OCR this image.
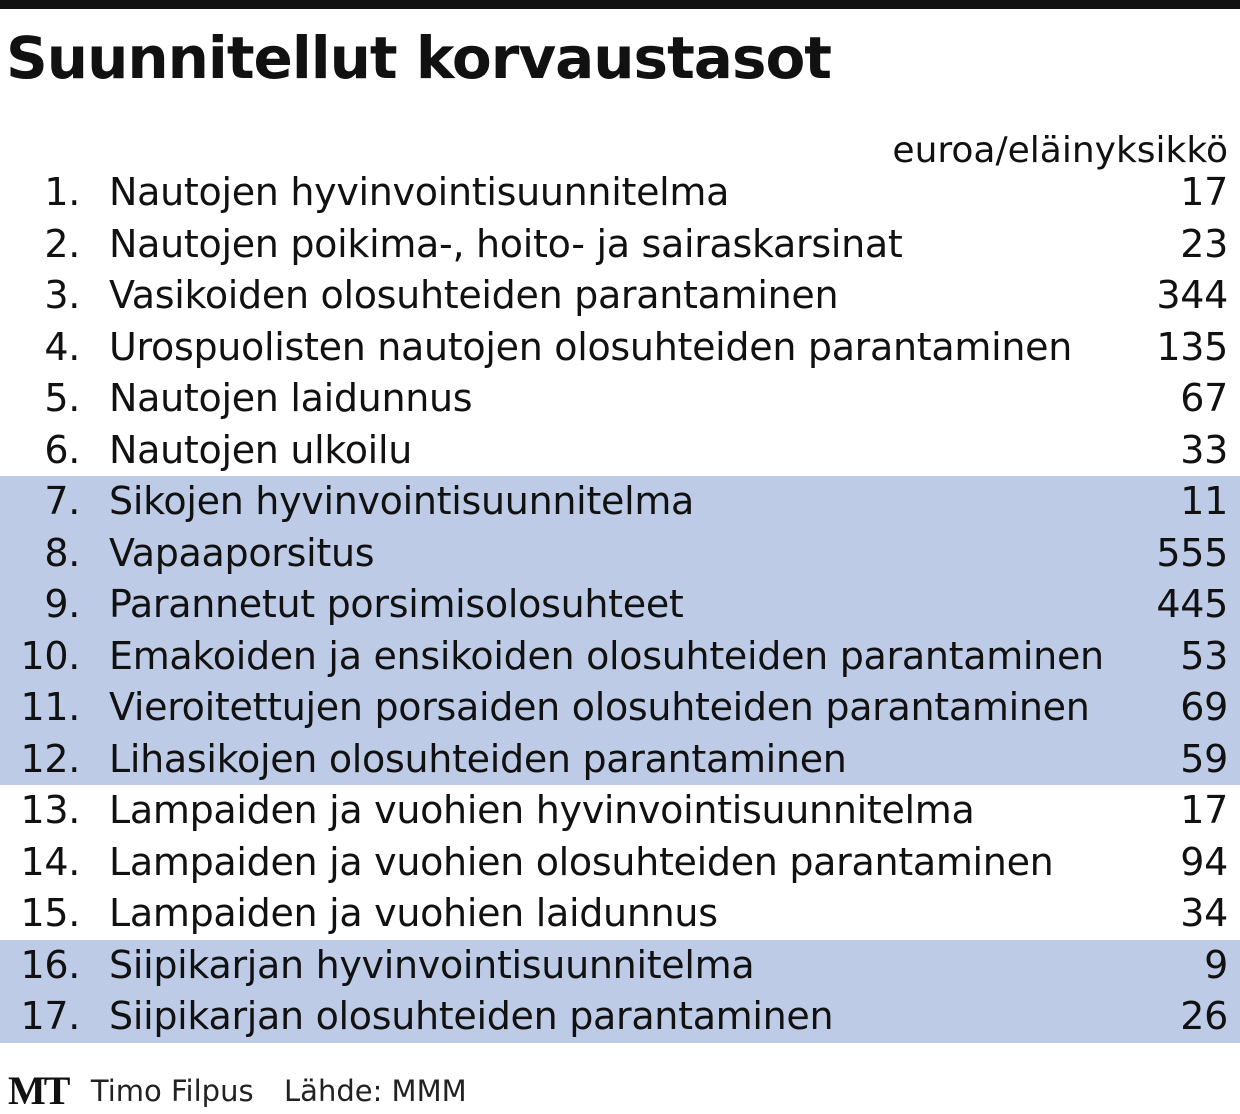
Suunnitellut korvaustasot
euroa/eläinyksikkö
1. Nautojen hyvinvointisuunnitelma	17
2. Nautojen poikima-, hoito- ja sairaskarsinat	23
3. Vasikoiden olosuhteiden parantaminen	344
4. Urospuolisten nautojen olosuhteiden parantaminen 135
5. Nautojen laidunnus	67
6. Nautojen ulkoilu	33
7. Sikojen hyvinvointisuunnitelma	11
8. Vapaaporsitus	555
9. Parannetut porsimisolosuhteet	445
10. Emakoiden ja ensikoiden olosuhteiden parantaminen 53
11. Vieroitettujen porsaiden olosuhteiden parantaminen 69
12. Lihasikojen olosuhteiden parantaminen	59
13. Lampaiden ja vuohien hyvinvointisuunnitelma	17
14. Lampaiden ja vuohien olosuhteiden parantaminen	94
15. Lampaiden ja vuohien laidunnus	34
16. Siipikarjan hyvinvointisuunnitelma	9
17. Siipikarjan olosuhteiden parantaminen	26
MT Timo Filpus Lähde: MMM
